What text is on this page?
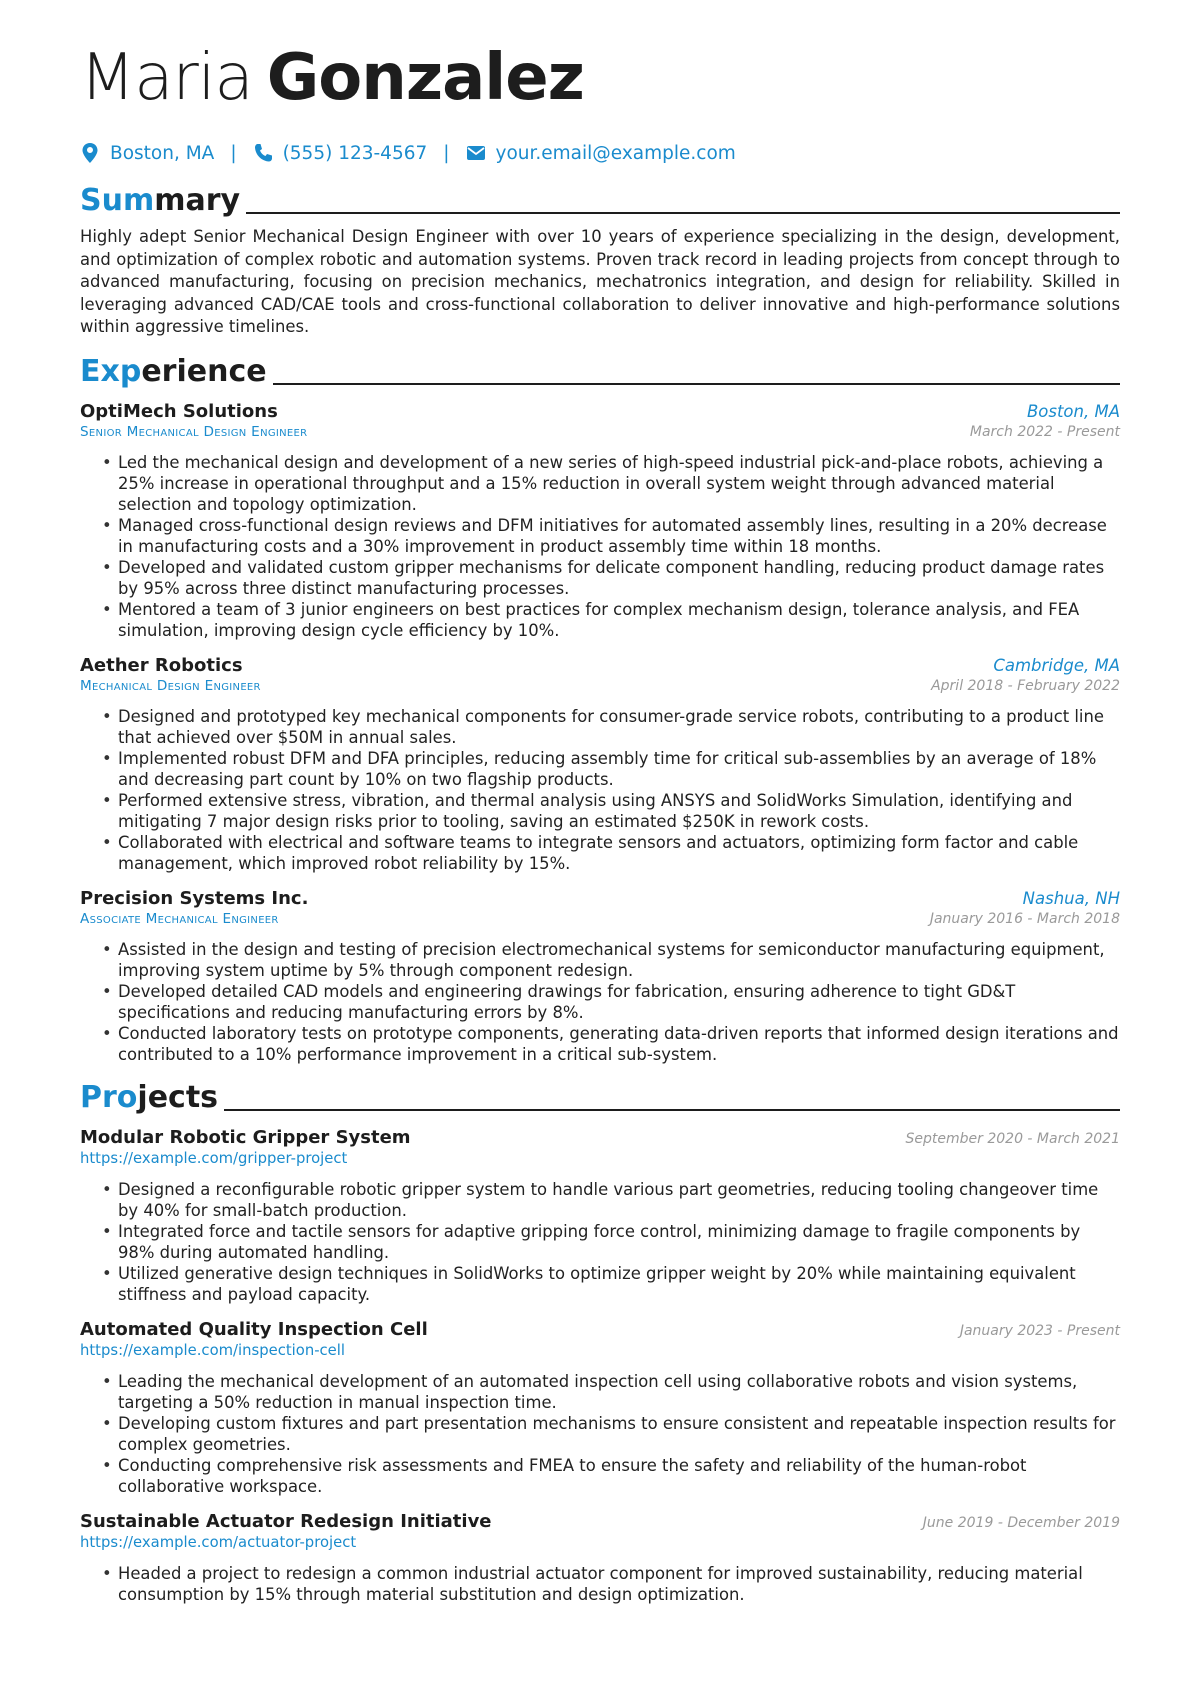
Maria Gonzalez
Boston, MA | (555) 123-4567 | your.email@example.com
Summary
Highly adept Senior Mechanical Design Engineer with over 10 years of experience specializing in the design, development, and optimization of complex robotic and automation systems. Proven track record in leading projects from concept through to advanced manufacturing, focusing on precision mechanics, mechatronics integration, and design for reliability. Skilled in leveraging advanced CAD/CAE tools and cross-functional collaboration to deliver innovative and high-performance solutions within aggressive timelines.
Experience
OptiMech Solutions	Boston, MA
Senior Mechanical Design Engineer	March 2022 - Present
• Led the mechanical design and development of a new series of high-speed industrial pick-and-place robots, achieving a 25% increase in operational throughput and a 15% reduction in overall system weight through advanced material selection and topology optimization.
• Managed cross-functional design reviews and DFM initiatives for automated assembly lines, resulting in a 20% decrease in manufacturing costs and a 30% improvement in product assembly time within 18 months.
• Developed and validated custom gripper mechanisms for delicate component handling, reducing product damage rates by 95% across three distinct manufacturing processes.
• Mentored a team of 3 junior engineers on best practices for complex mechanism design, tolerance analysis, and FEA simulation, improving design cycle efficiency by 10%.
Aether Robotics	Cambridge, MA
Mechanical Design Engineer	April 2018 - February 2022
• Designed and prototyped key mechanical components for consumer-grade service robots, contributing to a product line that achieved over $50M in annual sales.
• Implemented robust DFM and DFA principles, reducing assembly time for critical sub-assemblies by an average of 18% and decreasing part count by 10% on two flagship products.
• Performed extensive stress, vibration, and thermal analysis using ANSYS and SolidWorks Simulation, identifying and mitigating 7 major design risks prior to tooling, saving an estimated $250K in rework costs.
• Collaborated with electrical and software teams to integrate sensors and actuators, optimizing form factor and cable management, which improved robot reliability by 15%.
Precision Systems Inc.	Nashua, NH
Associate Mechanical Engineer	January 2016 - March 2018
• Assisted in the design and testing of precision electromechanical systems for semiconductor manufacturing equipment, improving system uptime by 5% through component redesign.
• Developed detailed CAD models and engineering drawings for fabrication, ensuring adherence to tight GD&T specifications and reducing manufacturing errors by 8%.
• Conducted laboratory tests on prototype components, generating data-driven reports that informed design iterations and contributed to a 10% performance improvement in a critical sub-system.
Projects
Modular Robotic Gripper System	September 2020 - March 2021
https://example.com/gripper-project
• Designed a reconfigurable robotic gripper system to handle various part geometries, reducing tooling changeover time by 40% for small-batch production.
• Integrated force and tactile sensors for adaptive gripping force control, minimizing damage to fragile components by 98% during automated handling.
• Utilized generative design techniques in SolidWorks to optimize gripper weight by 20% while maintaining equivalent stiffness and payload capacity.
Automated Quality Inspection Cell	January 2023 - Present
https://example.com/inspection-cell
• Leading the mechanical development of an automated inspection cell using collaborative robots and vision systems, targeting a 50% reduction in manual inspection time.
• Developing custom fixtures and part presentation mechanisms to ensure consistent and repeatable inspection results for complex geometries.
• Conducting comprehensive risk assessments and FMEA to ensure the safety and reliability of the human-robot collaborative workspace.
Sustainable Actuator Redesign Initiative	June 2019 - December 2019
https://example.com/actuator-project
• Headed a project to redesign a common industrial actuator component for improved sustainability, reducing material consumption by 15% through material substitution and design optimization.
